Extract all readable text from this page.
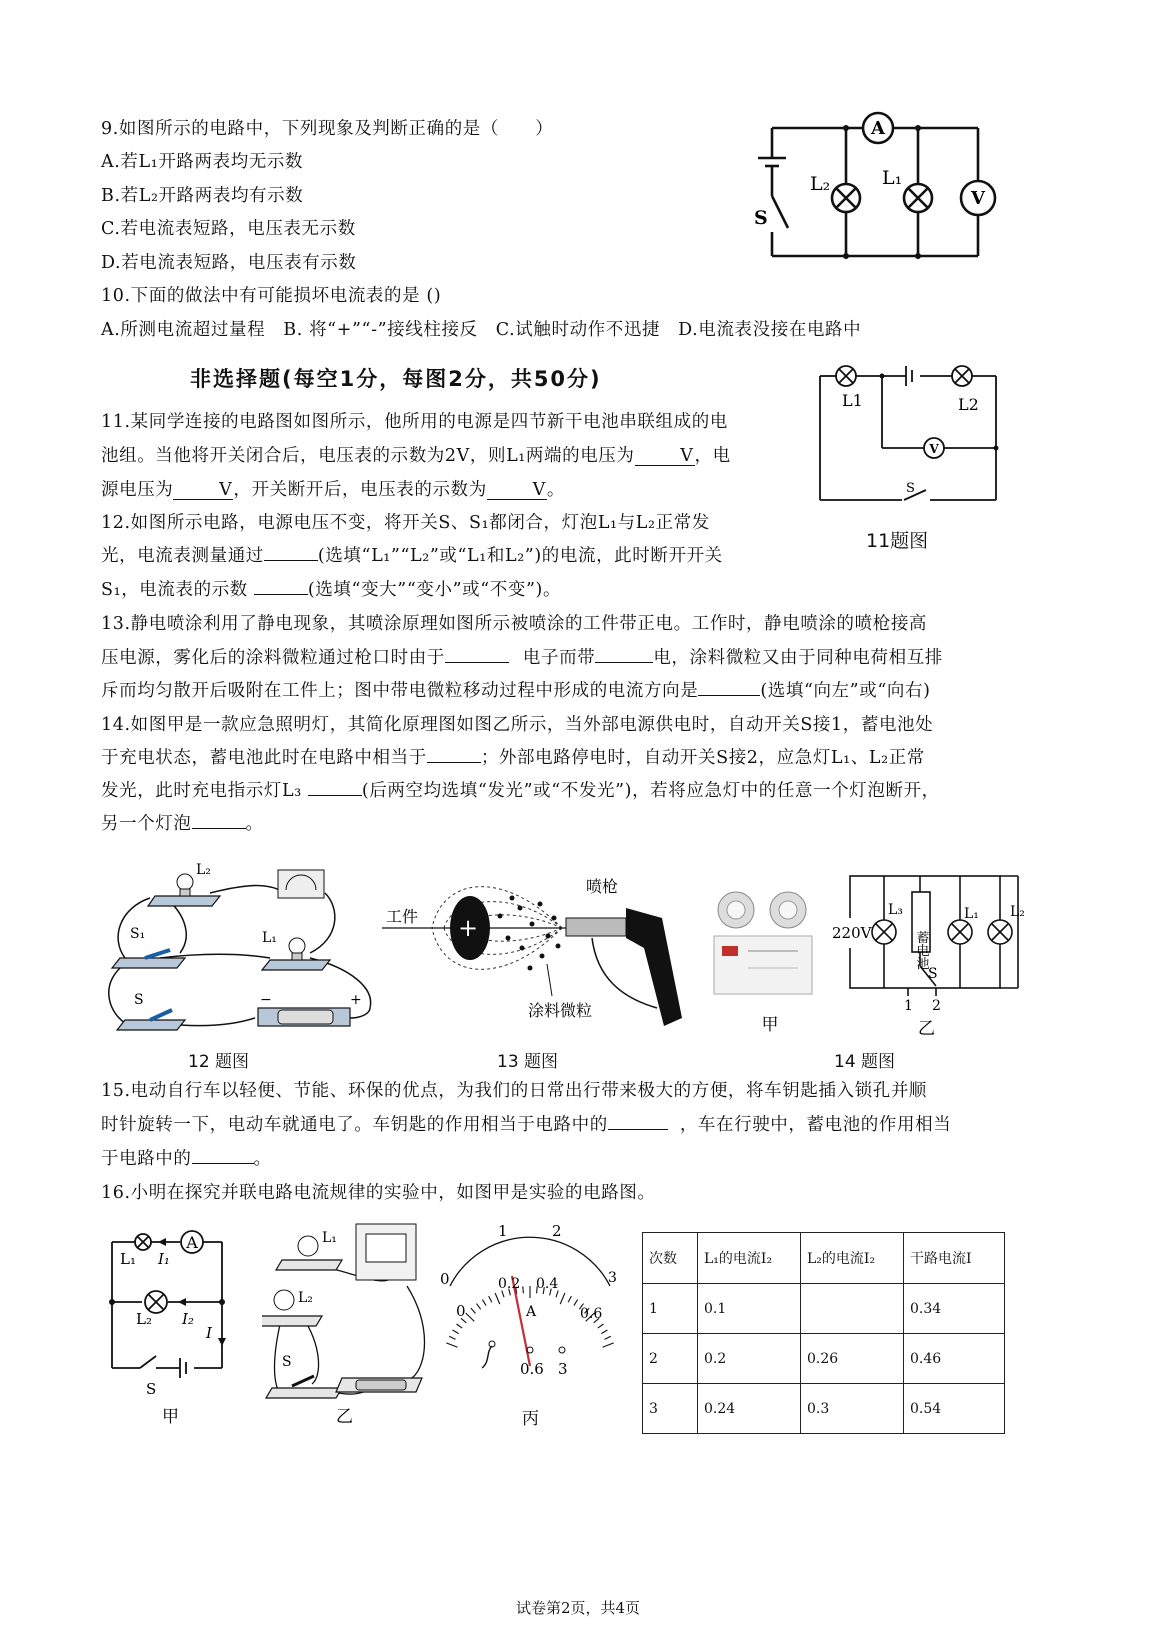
9.如图所示的电路中，下列现象及判断正确的是（　　）
A.若L₁开路两表均无示数
B.若L₂开路两表均有示数
C.若电流表短路，电压表无示数
D.若电流表短路，电压表有示数
A
V
L₂	L₁
S
10.下面的做法中有可能损坏电流表的是 ()
A.所测电流超过量程　B. 将“+”“-”接线柱接反　C.试触时动作不迅捷　D.电流表没接在电路中
非选择题(每空1分，每图2分，共50分)
V
L1	L2
S
11题图
11.某同学连接的电路图如图所示，他所用的电源是四节新干电池串联组成的电
池组。当他将开关闭合后，电压表的示数为2V，则L₁两端的电压为	V，电
源电压为	V，开关断开后，电压表的示数为	V。
12.如图所示电路，电源电压不变，将开关S、S₁都闭合，灯泡L₁与L₂正常发
光，电流表测量通过	(选填“L₁”“L₂”或“L₁和L₂”)的电流，此时断开开关
S₁，电流表的示数	(选填“变大”“变小”或“不变”)。
13.静电喷涂利用了静电现象，其喷涂原理如图所示被喷涂的工件带正电。工作时，静电喷涂的喷枪接高
压电源，雾化后的涂料微粒通过枪口时由于	电子而带	电，涂料微粒又由于同种电荷相互排
斥而均匀散开后吸附在工件上；图中带电微粒移动过程中形成的电流方向是	(选填“向左”或“向右)
14.如图甲是一款应急照明灯，其简化原理图如图乙所示，当外部电源供电时，自动开关S接1，蓄电池处
于充电状态，蓄电池此时在电路中相当于	；外部电路停电时，自动开关S接2，应急灯L₁、L₂正常
发光，此时充电指示灯L₃	(后两空均选填“发光”或“不发光”)，若将应急灯中的任意一个灯泡断开，
另一个灯泡	。
L₂
S₁	L₁
S	−	+
+
喷枪
工件
涂料微粒
甲
220V
L₃	L₁ L₂
蓄电池
S
1 2
乙
12 题图	13 题图	14 题图
15.电动自行车以轻便、节能、环保的优点，为我们的日常出行带来极大的方便，将车钥匙插入锁孔并顺
时针旋转一下，电动车就通电了。车钥匙的作用相当于电路中的	，车在行驶中，蓄电池的作用相当
于电路中的	。
16.小明在探究并联电路电流规律的实验中，如图甲是实验的电路图。
A
L₁ I₁
L₂ I₂
I
S
甲
L₁
L₂
S
乙
1	2
0
0
0.2 0.4
0.6
3
A
0.6 3
丙
次数	L₁的电流I₂	L₂的电流I₂	干路电流I
1	0.1		0.34
2	0.2	0.26	0.46
3	0.24	0.3	0.54
试卷第2页，共4页
